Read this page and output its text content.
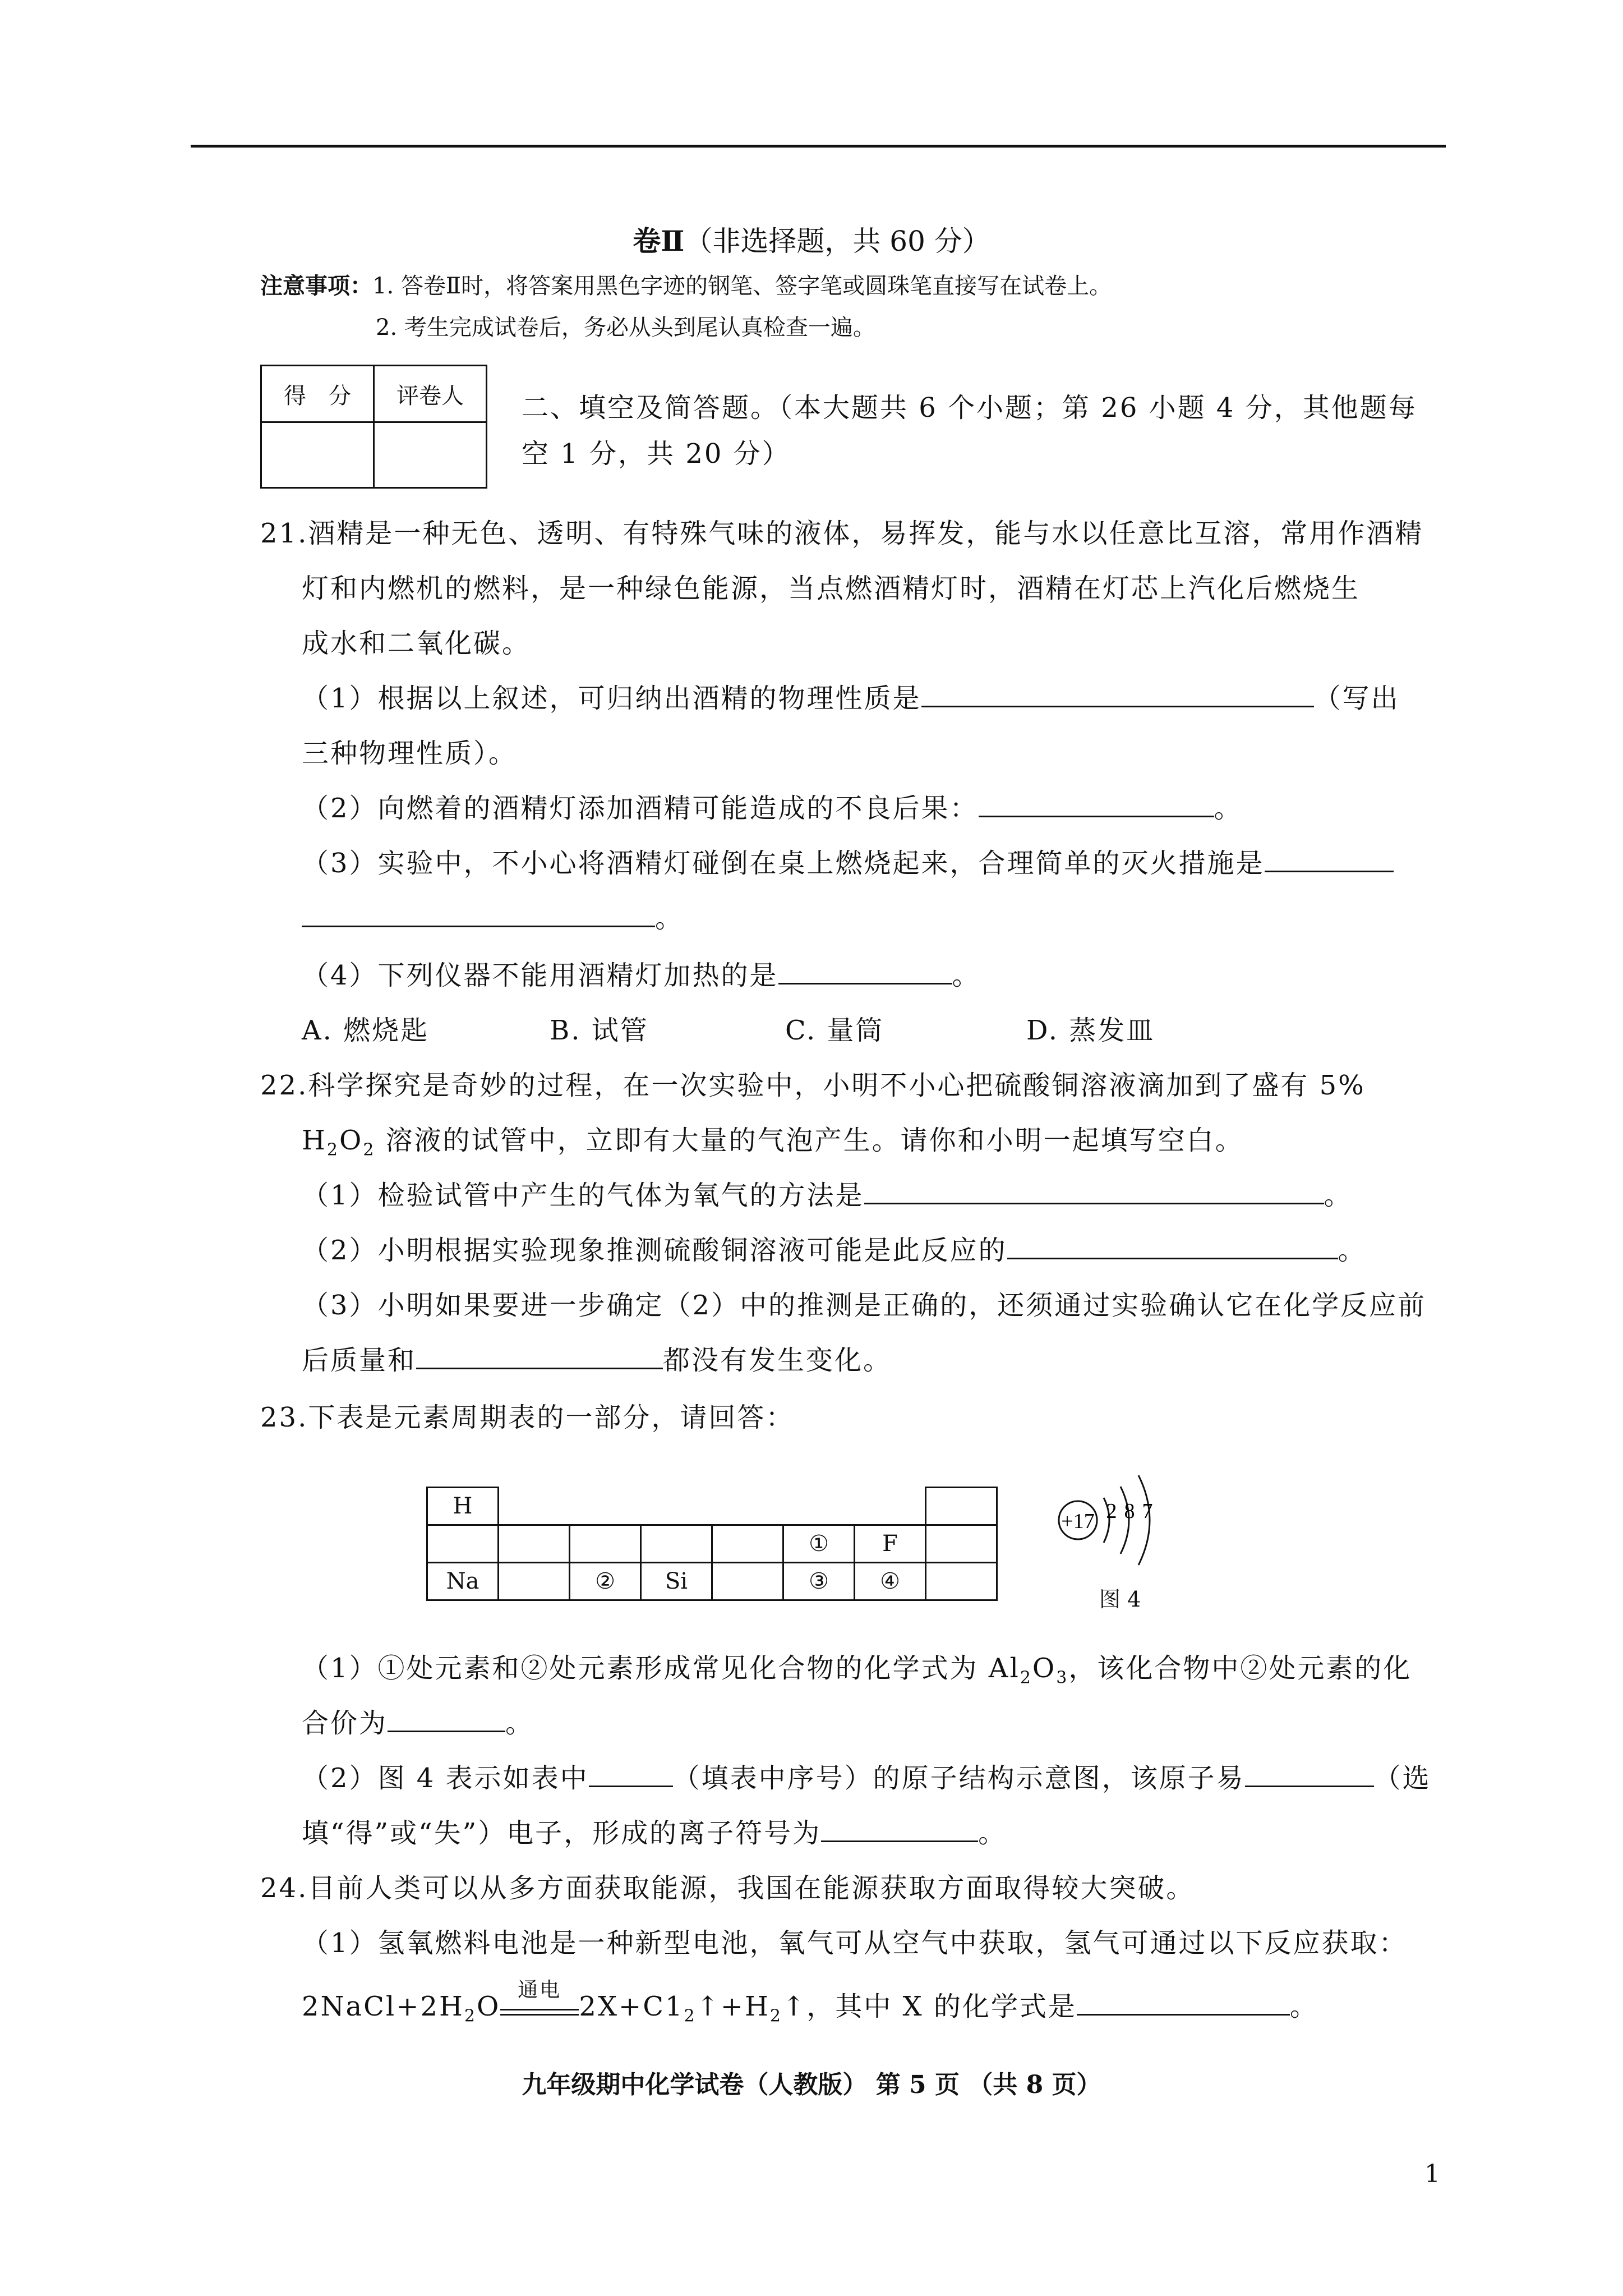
卷Ⅱ（非选择题，共 60 分）
注意事项：1. 答卷Ⅱ时，将答案用黑色字迹的钢笔、签字笔或圆珠笔直接写在试卷上。
2. 考生完成试卷后，务必从头到尾认真检查一遍。
得　分	评卷人
	二、填空及简答题。（本大题共 6 个小题；第 26 小题 4 分，其他题每
空 1 分，共 20 分）
21.酒精是一种无色、透明、有特殊气味的液体，易挥发，能与水以任意比互溶，常用作酒精
灯和内燃机的燃料，是一种绿色能源，当点燃酒精灯时，酒精在灯芯上汽化后燃烧生
成水和二氧化碳。
（1）根据以上叙述，可归纳出酒精的物理性质是	（写出
三种物理性质）。
（2）向燃着的酒精灯添加酒精可能造成的不良后果：	。
（3）实验中，不小心将酒精灯碰倒在桌上燃烧起来，合理简单的灭火措施是
。
（4）下列仪器不能用酒精灯加热的是	。
A. 燃烧匙	B. 试管	C. 量筒	D. 蒸发皿
22.科学探究是奇妙的过程，在一次实验中，小明不小心把硫酸铜溶液滴加到了盛有 5%
$H_2O_2$ 溶液的试管中，立即有大量的气泡产生。请你和小明一起填写空白。
（1）检验试管中产生的气体为氧气的方法是	。
（2）小明根据实验现象推测硫酸铜溶液可能是此反应的	。
（3）小明如果要进一步确定（2）中的推测是正确的，还须通过实验确认它在化学反应前
后质量和	都没有发生变化。
23.下表是元素周期表的一部分，请回答：
H							
					①	F	
Na		②	Si		③	④	
+17 2 8 7
图 4
（1）①处元素和②处元素形成常见化合物的化学式为 $Al_2O_3$，该化合物中②处元素的化
合价为	。
（2）图 4 表示如表中	（填表中序号）的原子结构示意图，该原子易	（选
填“得”或“失”）电子，形成的离子符号为	。
24.目前人类可以从多方面获取能源，我国在能源获取方面取得较大突破。
（1）氢氧燃料电池是一种新型电池，氧气可从空气中获取，氢气可通过以下反应获取：
$2NaCl+2H_2O$
通电
$2X+C1_2↑+H_2↑$，其中 X 的化学式是	。
九年级期中化学试卷（人教版） 第 5 页 （共 8 页）
1
